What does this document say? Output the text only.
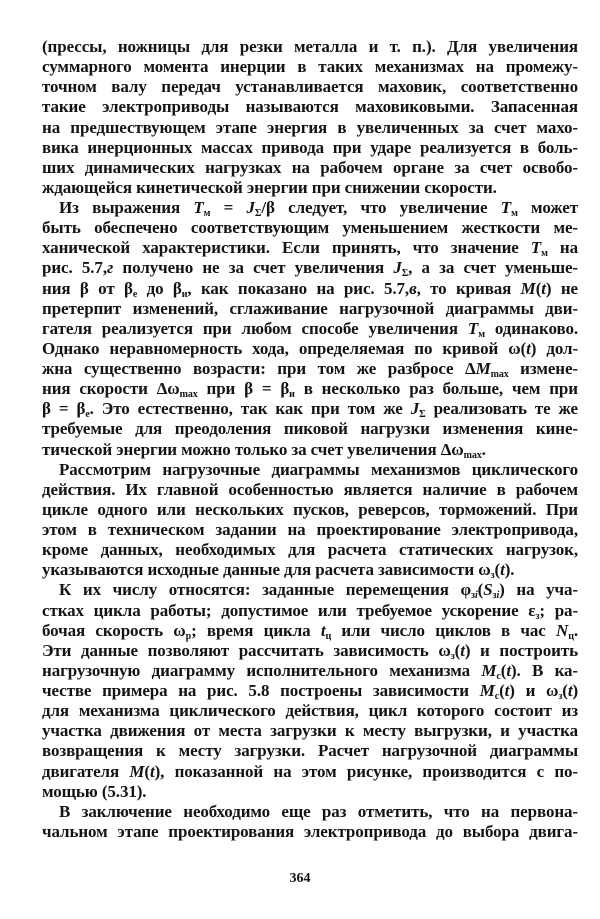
(прессы, ножницы для резки металла и т. п.). Для увеличения
суммарного момента инерции в таких механизмах на промежу-
точном валу передач устанавливается маховик, соответственно
такие электроприводы называются маховиковыми. Запасенная
на предшествующем этапе энергия в увеличенных за счет махо-
вика инерционных массах привода при ударе реализуется в боль-
ших динамических нагрузках на рабочем органе за счет освобо-
ждающейся кинетической энергии при снижении скорости.
Из выражения $T_м = J_\Sigma/\beta$ следует, что увеличение $T_м$ может
быть обеспечено соответствующим уменьшением жесткости ме-
ханической характеристики. Если принять, что значение $T_м$ на
рис. 5.7,г получено не за счет увеличения $J_\Sigma$, а за счет уменьше-
ния β от $\beta_е$ до $\beta_и$, как показано на рис. 5.7,в, то кривая M(t) не
претерпит изменений, сглаживание нагрузочной диаграммы дви-
гателя реализуется при любом способе увеличения $T_м$ одинаково.
Однако неравномерность хода, определяемая по кривой ω(t) дол-
жна существенно возрасти: при том же разбросе $\Delta M_{max}$ измене-
ния скорости $\Delta\omega_{max}$ при $\beta = \beta_и$ в несколько раз больше, чем при
$\beta = \beta_е$. Это естественно, так как при том же $J_\Sigma$ реализовать те же
требуемые для преодоления пиковой нагрузки изменения кине-
тической энергии можно только за счет увеличения $\Delta\omega_{max}$.
Рассмотрим нагрузочные диаграммы механизмов циклического
действия. Их главной особенностью является наличие в рабочем
цикле одного или нескольких пусков, реверсов, торможений. При
этом в техническом задании на проектирование электропривода,
кроме данных, необходимых для расчета статических нагрузок,
указываются исходные данные для расчета зависимости $\omega_з(t)$.
К их числу относятся: заданные перемещения $\varphi_{зi}(S_{зi})$ на уча-
стках цикла работы; допустимое или требуемое ускорение $\varepsilon_з$; ра-
бочая скорость $\omega_р$; время цикла $t_ц$ или число циклов в час $N_ц$.
Эти данные позволяют рассчитать зависимость $\omega_з(t)$ и построить
нагрузочную диаграмму исполнительного механизма $M_с(t)$. В ка-
честве примера на рис. 5.8 построены зависимости $M_с(t)$ и $\omega_з(t)$
для механизма циклического действия, цикл которого состоит из
участка движения от места загрузки к месту выгрузки, и участка
возвращения к месту загрузки. Расчет нагрузочной диаграммы
двигателя M(t), показанной на этом рисунке, производится с по-
мощью (5.31).
В заключение необходимо еще раз отметить, что на первона-
чальном этапе проектирования электропривода до выбора двига-
364
